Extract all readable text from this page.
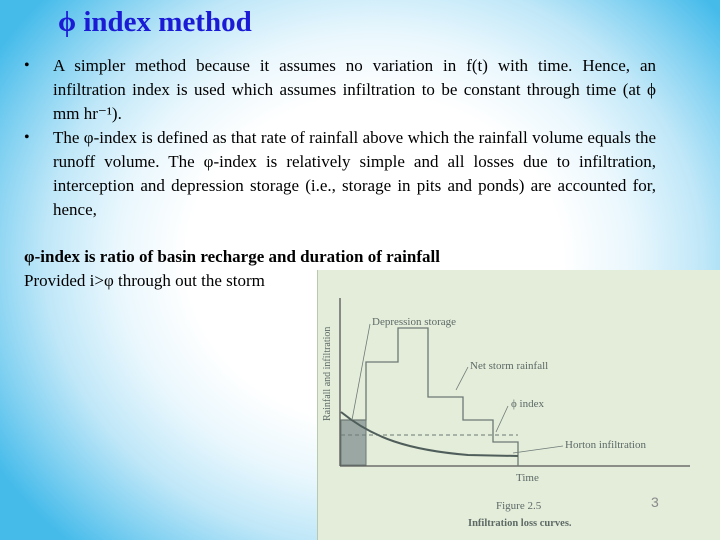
ϕ index method

• A simpler method because it assumes no variation in f(t) with time. Hence, an infiltration index is used which assumes infiltration to be constant through time (at ϕ mm hr⁻¹).

• The φ-index is defined as that rate of rainfall above which the rainfall volume equals the runoff volume. The φ-index is relatively simple and all losses due to infiltration, interception and depression storage (i.e., storage in pits and ponds) are accounted for, hence,

φ-index is ratio of basin recharge and duration of rainfall
Provided i>φ through out the storm
Rainfall and infiltration
Depression storage
Net storm rainfall
ϕ index
Horton infiltration
Time
Figure 2.5
Infiltration loss curves.
3
